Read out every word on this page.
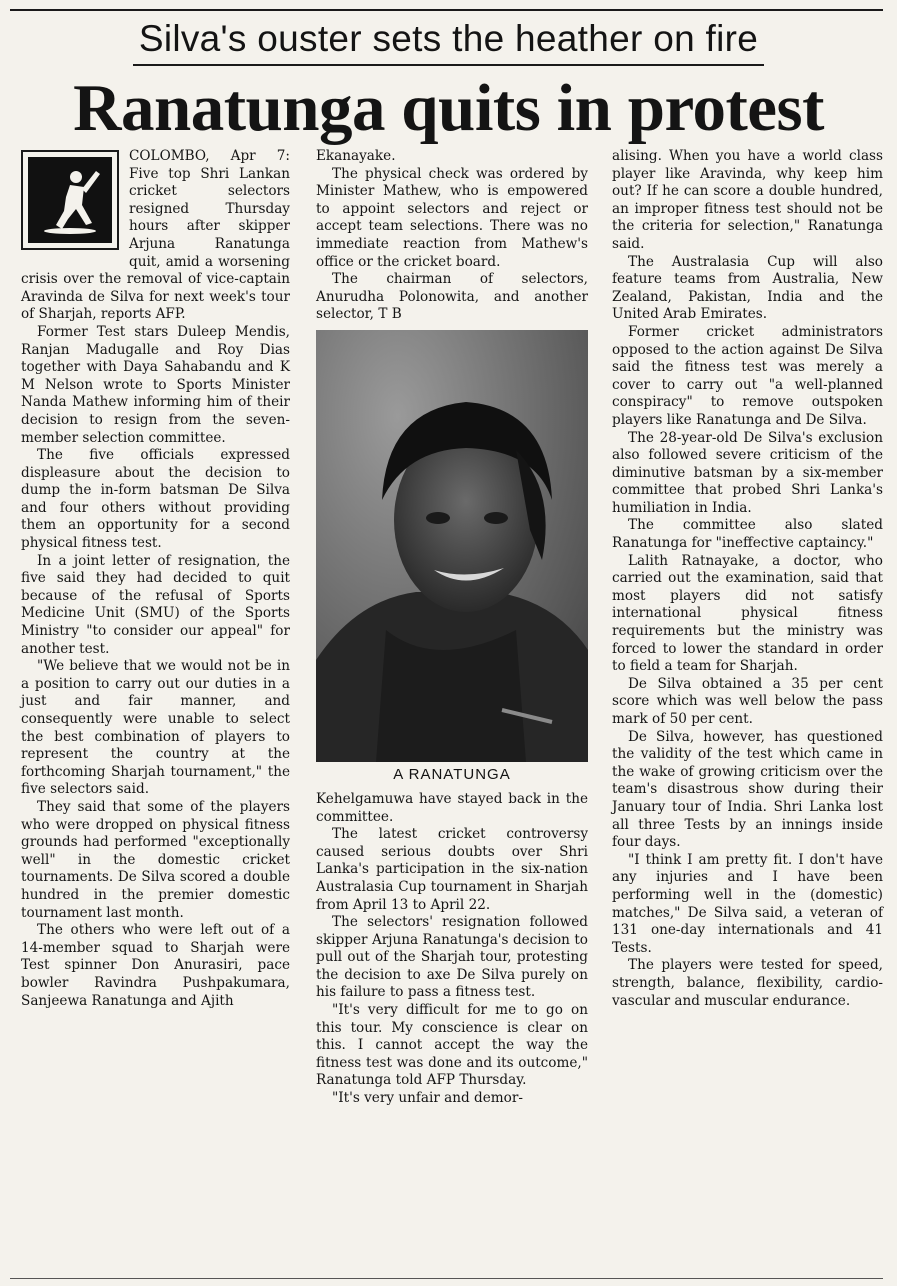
Silva's ouster sets the heather on fire
Ranatunga quits in protest

COLOMBO, Apr 7: Five top Shri Lankan cricket selectors resigned Thursday hours after skipper Arjuna Ranatunga quit, amid a worsening crisis over the removal of vice-captain Aravinda de Silva for next week's tour of Sharjah, reports AFP.

Former Test stars Duleep Mendis, Ranjan Madugalle and Roy Dias together with Daya Sahabandu and K M Nelson wrote to Sports Minister Nanda Mathew informing him of their decision to resign from the seven-member selection committee.

The five officials expressed displeasure about the decision to dump the in-form batsman De Silva and four others without providing them an opportunity for a second physical fitness test.

In a joint letter of resignation, the five said they had decided to quit because of the refusal of Sports Medicine Unit (SMU) of the Sports Ministry "to consider our appeal" for another test.

"We believe that we would not be in a position to carry out our duties in a just and fair manner, and consequently were unable to select the best combination of players to represent the country at the forthcoming Sharjah tournament," the five selectors said.

They said that some of the players who were dropped on physical fitness grounds had performed "exceptionally well" in the domestic cricket tournaments. De Silva scored a double hundred in the premier domestic tournament last month.

The others who were left out of a 14-member squad to Sharjah were Test spinner Don Anurasiri, pace bowler Ravindra Pushpakumara, Sanjeewa Ranatunga and Ajith

Ekanayake.

The physical check was ordered by Minister Mathew, who is empowered to appoint selectors and reject or accept team selections. There was no immediate reaction from Mathew's office or the cricket board.

The chairman of selectors, Anurudha Polonowita, and another selector, T B

A RANATUNGA

Kehelgamuwa have stayed back in the committee.

The latest cricket controversy caused serious doubts over Shri Lanka's participation in the six-nation Australasia Cup tournament in Sharjah from April 13 to April 22.

The selectors' resignation followed skipper Arjuna Ranatunga's decision to pull out of the Sharjah tour, protesting the decision to axe De Silva purely on his failure to pass a fitness test.

"It's very difficult for me to go on this tour. My conscience is clear on this. I cannot accept the way the fitness test was done and its outcome," Ranatunga told AFP Thursday.

"It's very unfair and demor-

alising. When you have a world class player like Aravinda, why keep him out? If he can score a double hundred, an improper fitness test should not be the criteria for selection," Ranatunga said.

The Australasia Cup will also feature teams from Australia, New Zealand, Pakistan, India and the United Arab Emirates.

Former cricket administrators opposed to the action against De Silva said the fitness test was merely a cover to carry out "a well-planned conspiracy" to remove outspoken players like Ranatunga and De Silva.

The 28-year-old De Silva's exclusion also followed severe criticism of the diminutive batsman by a six-member committee that probed Shri Lanka's humiliation in India.

The committee also slated Ranatunga for "ineffective captaincy."

Lalith Ratnayake, a doctor, who carried out the examination, said that most players did not satisfy international physical fitness requirements but the ministry was forced to lower the standard in order to field a team for Sharjah.

De Silva obtained a 35 per cent score which was well below the pass mark of 50 per cent.

De Silva, however, has questioned the validity of the test which came in the wake of growing criticism over the team's disastrous show during their January tour of India. Shri Lanka lost all three Tests by an innings inside four days.

"I think I am pretty fit. I don't have any injuries and I have been performing well in the (domestic) matches," De Silva said, a veteran of 131 one-day internationals and 41 Tests.

The players were tested for speed, strength, balance, flexibility, cardio-vascular and muscular endurance.
